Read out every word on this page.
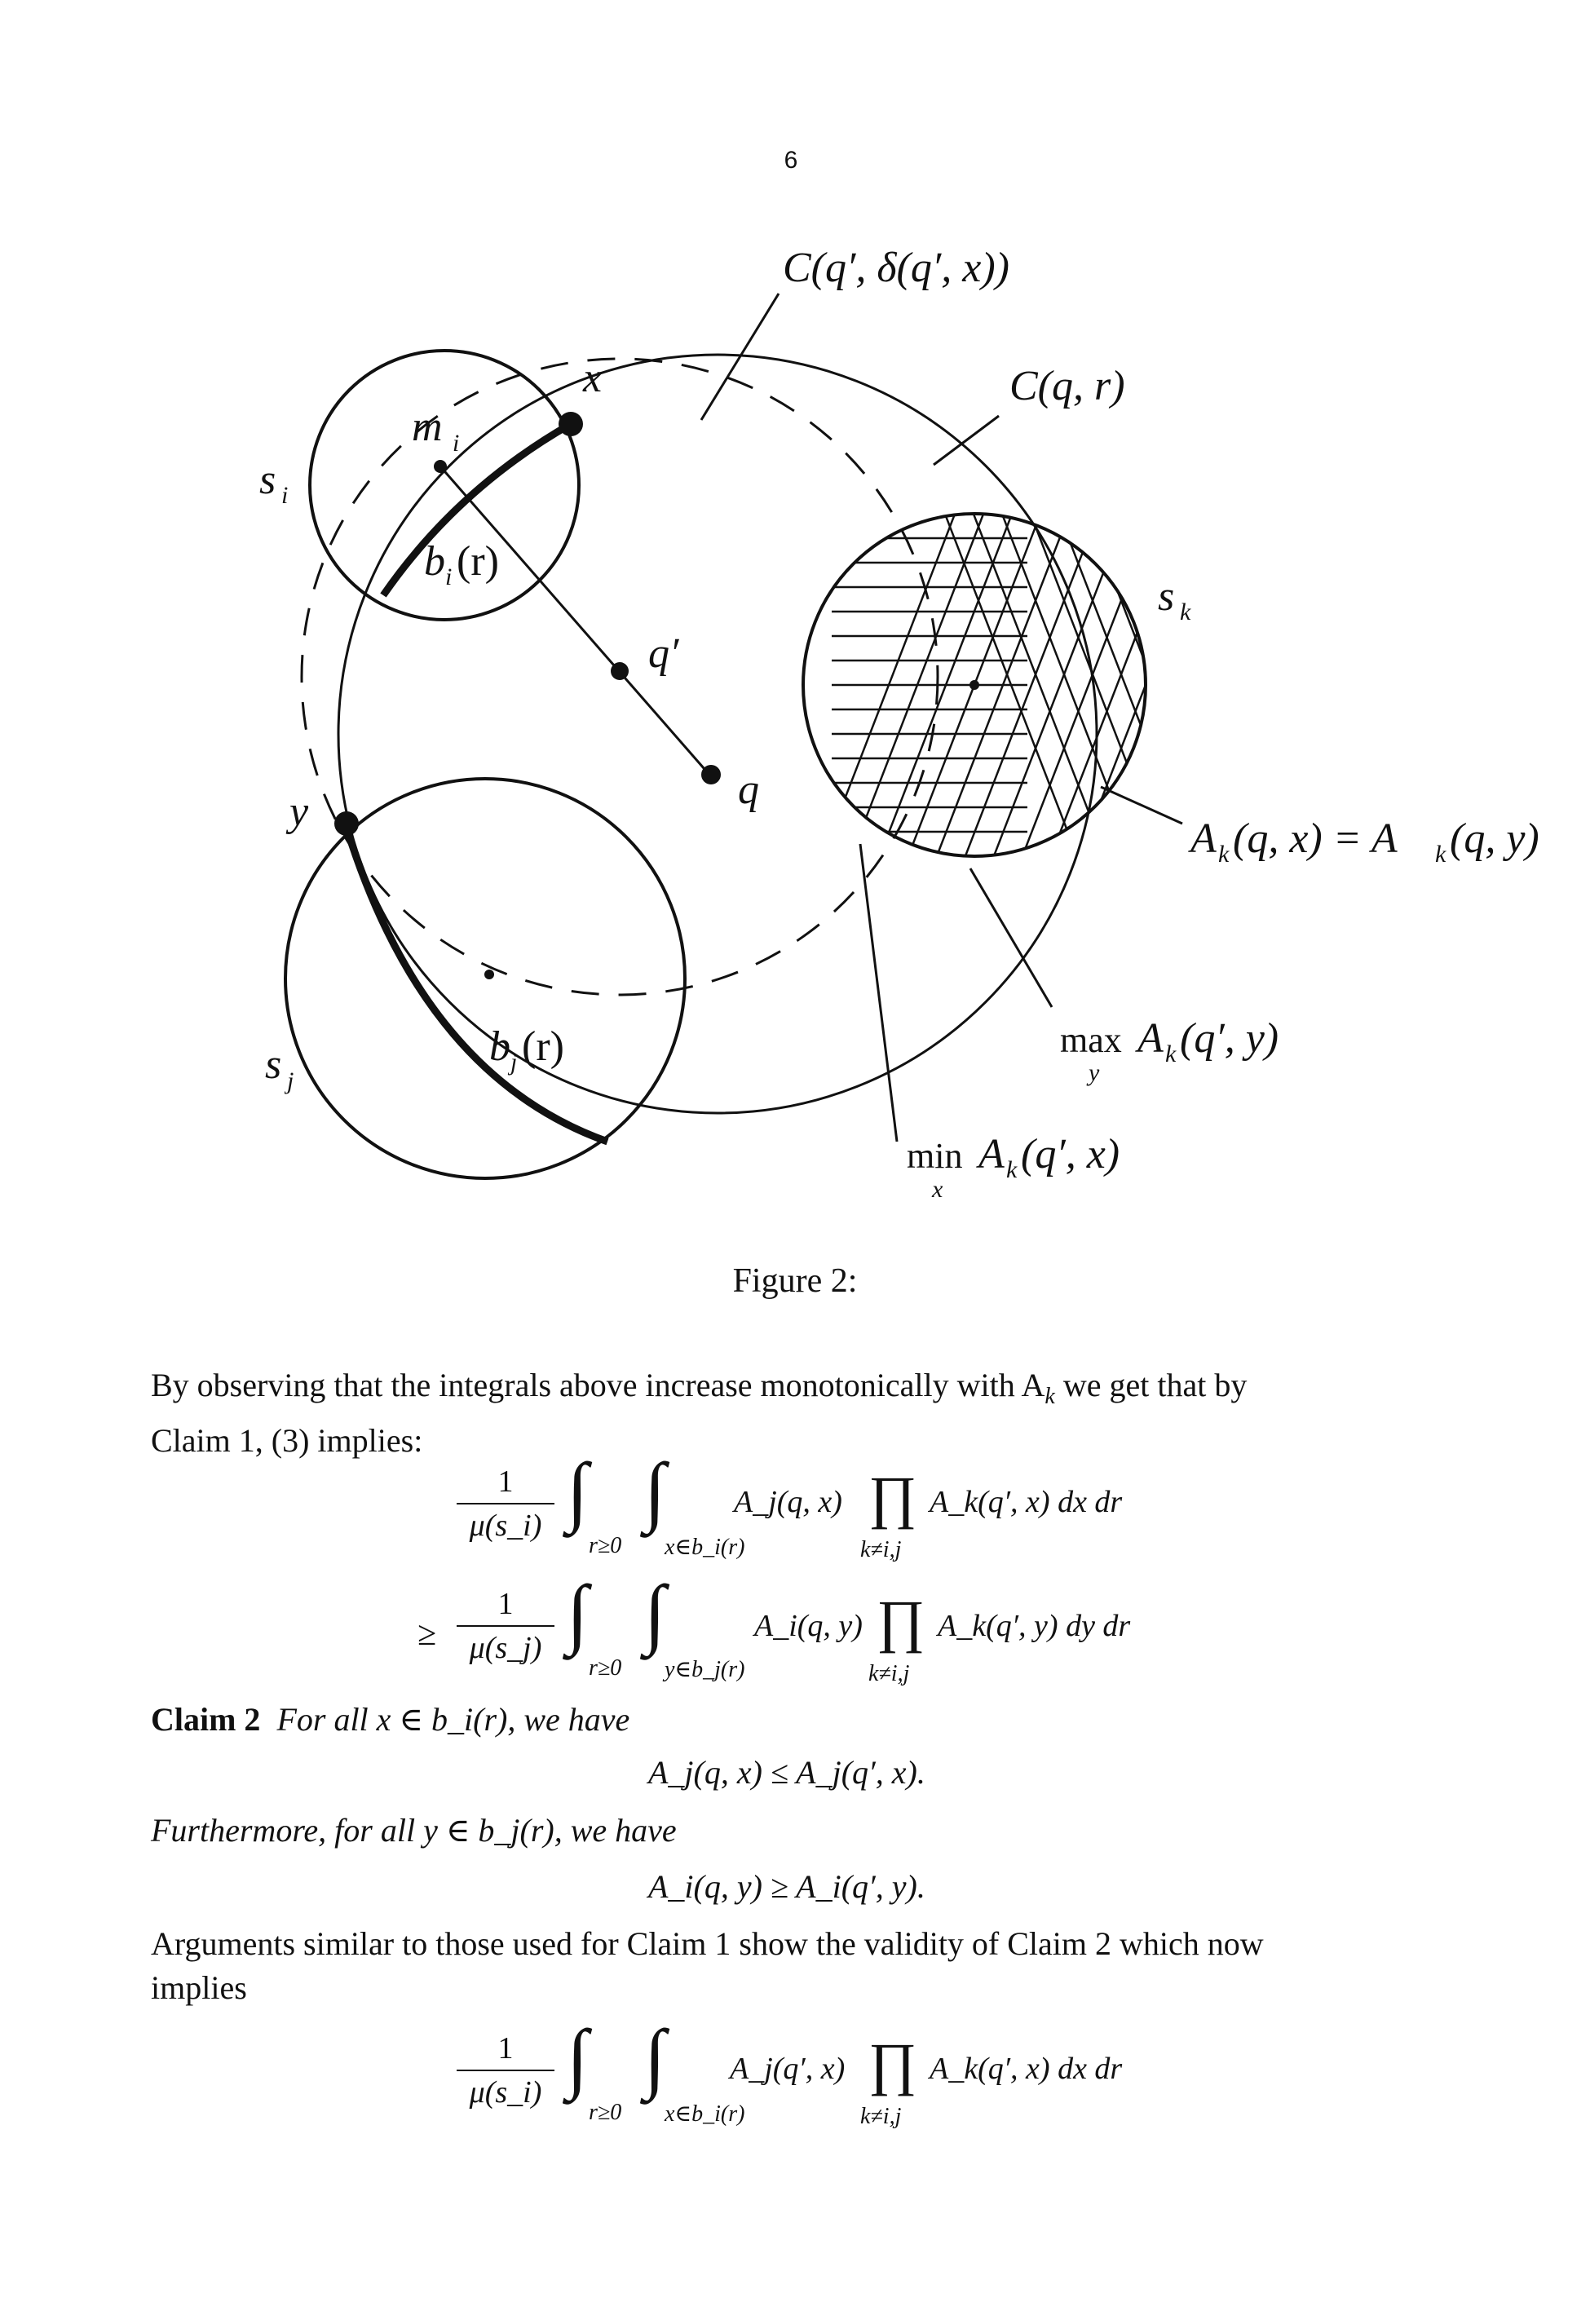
6
C(q′, δ(q′, x))
C(q, r)
x
y
m i
s i
s j
s k
b i (r)
b j (r)
q′
q
A k (q, x) = A k (q, y)
max
y
A k (q′, y)
min
x
A k (q′, x)
Figure 2:
By observing that the integrals above increase monotonically with $A_k$ we get that by
Claim 1, (3) implies:
$\frac{1}{\mu(s\_i)}$ ∫
r≥0
∫
x∈b_i(r)
A_j(q, x) ∏
k≠i,j
A_k(q′, x) dx dr
≥ $\frac{1}{\mu(s\_j)}$ ∫
r≥0
∫
y∈b_j(r)
A_i(q, y) ∏
k≠i,j
A_k(q′, y) dy dr
Claim 2 For all x ∈ b_i(r), we have
A_j(q, x) ≤ A_j(q′, x).
Furthermore, for all y ∈ b_j(r), we have
A_i(q, y) ≥ A_i(q′, y).
Arguments similar to those used for Claim 1 show the validity of Claim 2 which now
implies
$\frac{1}{\mu(s\_i)}$ ∫
r≥0
∫
x∈b_i(r)
A_j(q′, x) ∏
k≠i,j
A_k(q′, x) dx dr
